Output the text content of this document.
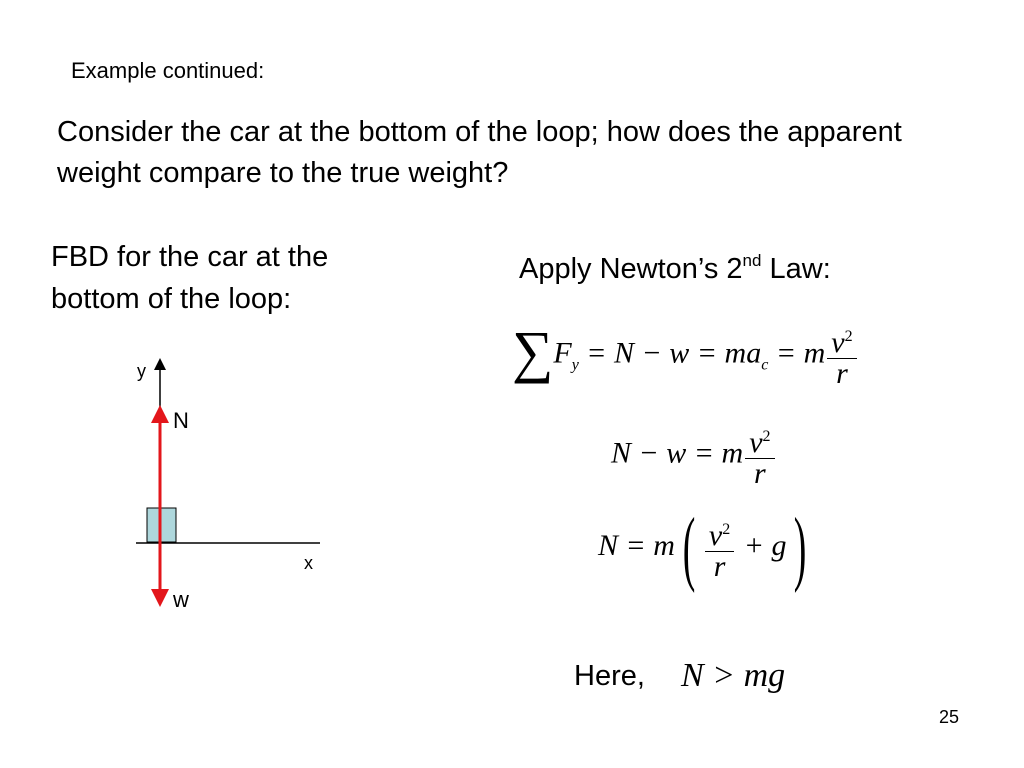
Example continued:
Consider the car at the bottom of the loop; how does the apparent weight compare to the true weight?
FBD for the car at the bottom of the loop:
Apply Newton’s 2nd Law:
y
x
N
w
$\sum F_y = N - w = ma_c = m \frac{v^2}{r}$
N − w = m $\frac{v^2}{r}$
$N = m( \frac{v^2}{r} + g)$
Here, N > mg
25
